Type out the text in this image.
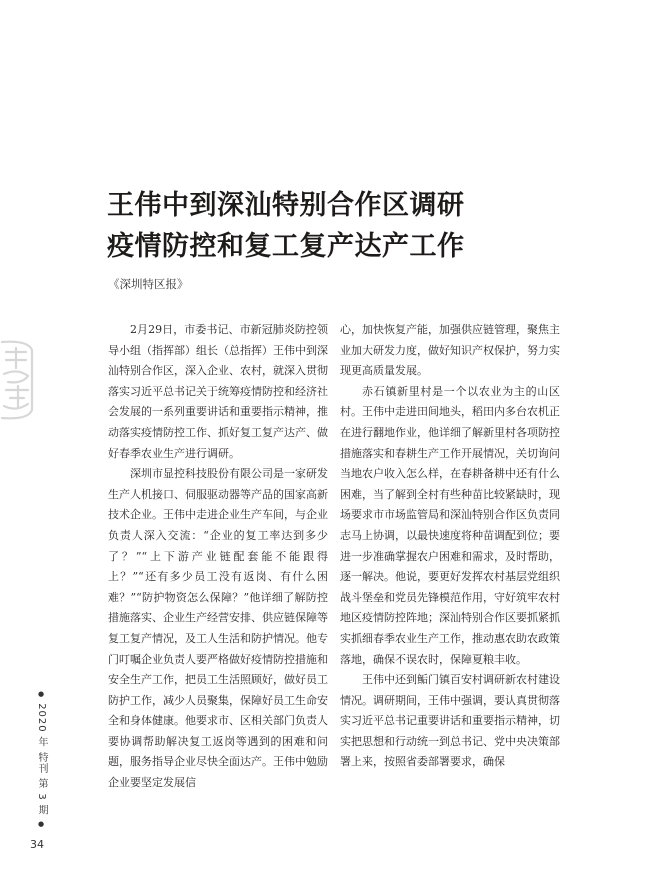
王伟中到深汕特别合作区调研
疫情防控和复工复产达产工作
《深圳特区报》

2月29日，市委书记、市新冠肺炎防控领导小组（指挥部）组长（总指挥）王伟中到深汕特别合作区，深入企业、农村，就深入贯彻落实习近平总书记关于统筹疫情防控和经济社会发展的一系列重要讲话和重要指示精神，推动落实疫情防控工作、抓好复工复产达产、做好春季农业生产进行调研。

深圳市显控科技股份有限公司是一家研发生产人机接口、伺服驱动器等产品的国家高新技术企业。王伟中走进企业生产车间，与企业负责人深入交流：“企业的复工率达到多少了？”“上下游产业链配套能不能跟得上？”“还有多少员工没有返岗、有什么困难？”“防护物资怎么保障？”他详细了解防控措施落实、企业生产经营安排、供应链保障等复工复产情况，及工人生活和防护情况。他专门叮嘱企业负责人要严格做好疫情防控措施和安全生产工作，把员工生活照顾好，做好员工防护工作，减少人员聚集，保障好员工生命安全和身体健康。他要求市、区相关部门负责人要协调帮助解决复工返岗等遇到的困难和问题，服务指导企业尽快全面达产。王伟中勉励企业要坚定发展信

心，加快恢复产能，加强供应链管理，聚焦主业加大研发力度，做好知识产权保护，努力实现更高质量发展。

赤石镇新里村是一个以农业为主的山区村。王伟中走进田间地头，稻田内多台农机正在进行翻地作业，他详细了解新里村各项防控措施落实和春耕生产工作开展情况，关切询问当地农户收入怎么样，在春耕备耕中还有什么困难，当了解到全村有些种苗比较紧缺时，现场要求市市场监管局和深汕特别合作区负责同志马上协调，以最快速度将种苗调配到位；要进一步准确掌握农户困难和需求，及时帮助，逐一解决。他说，要更好发挥农村基层党组织战斗堡垒和党员先锋模范作用，守好筑牢农村地区疫情防控阵地；深汕特别合作区要抓紧抓实抓细春季农业生产工作，推动惠农助农政策落地，确保不误农时，保障夏粮丰收。

王伟中还到鲘门镇百安村调研新农村建设情况。调研期间，王伟中强调，要认真贯彻落实习近平总书记重要讲话和重要指示精神，切实把思想和行动统一到总书记、党中央决策部署上来，按照省委部署要求，确保

● 2020 年 特刊 第 3 期 ●
34
